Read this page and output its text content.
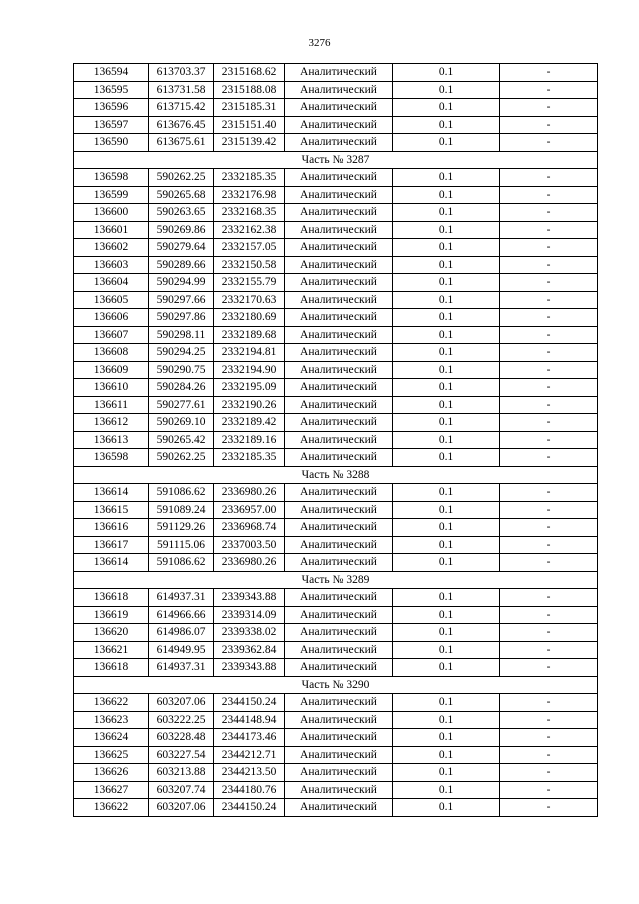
3276
136594	613703.37	2315168.62	Аналитический	0.1	-
136595	613731.58	2315188.08	Аналитический	0.1	-
136596	613715.42	2315185.31	Аналитический	0.1	-
136597	613676.45	2315151.40	Аналитический	0.1	-
136590	613675.61	2315139.42	Аналитический	0.1	-
Часть № 3287					
136598	590262.25	2332185.35	Аналитический	0.1	-
136599	590265.68	2332176.98	Аналитический	0.1	-
136600	590263.65	2332168.35	Аналитический	0.1	-
136601	590269.86	2332162.38	Аналитический	0.1	-
136602	590279.64	2332157.05	Аналитический	0.1	-
136603	590289.66	2332150.58	Аналитический	0.1	-
136604	590294.99	2332155.79	Аналитический	0.1	-
136605	590297.66	2332170.63	Аналитический	0.1	-
136606	590297.86	2332180.69	Аналитический	0.1	-
136607	590298.11	2332189.68	Аналитический	0.1	-
136608	590294.25	2332194.81	Аналитический	0.1	-
136609	590290.75	2332194.90	Аналитический	0.1	-
136610	590284.26	2332195.09	Аналитический	0.1	-
136611	590277.61	2332190.26	Аналитический	0.1	-
136612	590269.10	2332189.42	Аналитический	0.1	-
136613	590265.42	2332189.16	Аналитический	0.1	-
136598	590262.25	2332185.35	Аналитический	0.1	-
Часть № 3288					
136614	591086.62	2336980.26	Аналитический	0.1	-
136615	591089.24	2336957.00	Аналитический	0.1	-
136616	591129.26	2336968.74	Аналитический	0.1	-
136617	591115.06	2337003.50	Аналитический	0.1	-
136614	591086.62	2336980.26	Аналитический	0.1	-
Часть № 3289					
136618	614937.31	2339343.88	Аналитический	0.1	-
136619	614966.66	2339314.09	Аналитический	0.1	-
136620	614986.07	2339338.02	Аналитический	0.1	-
136621	614949.95	2339362.84	Аналитический	0.1	-
136618	614937.31	2339343.88	Аналитический	0.1	-
Часть № 3290					
136622	603207.06	2344150.24	Аналитический	0.1	-
136623	603222.25	2344148.94	Аналитический	0.1	-
136624	603228.48	2344173.46	Аналитический	0.1	-
136625	603227.54	2344212.71	Аналитический	0.1	-
136626	603213.88	2344213.50	Аналитический	0.1	-
136627	603207.74	2344180.76	Аналитический	0.1	-
136622	603207.06	2344150.24	Аналитический	0.1	-
